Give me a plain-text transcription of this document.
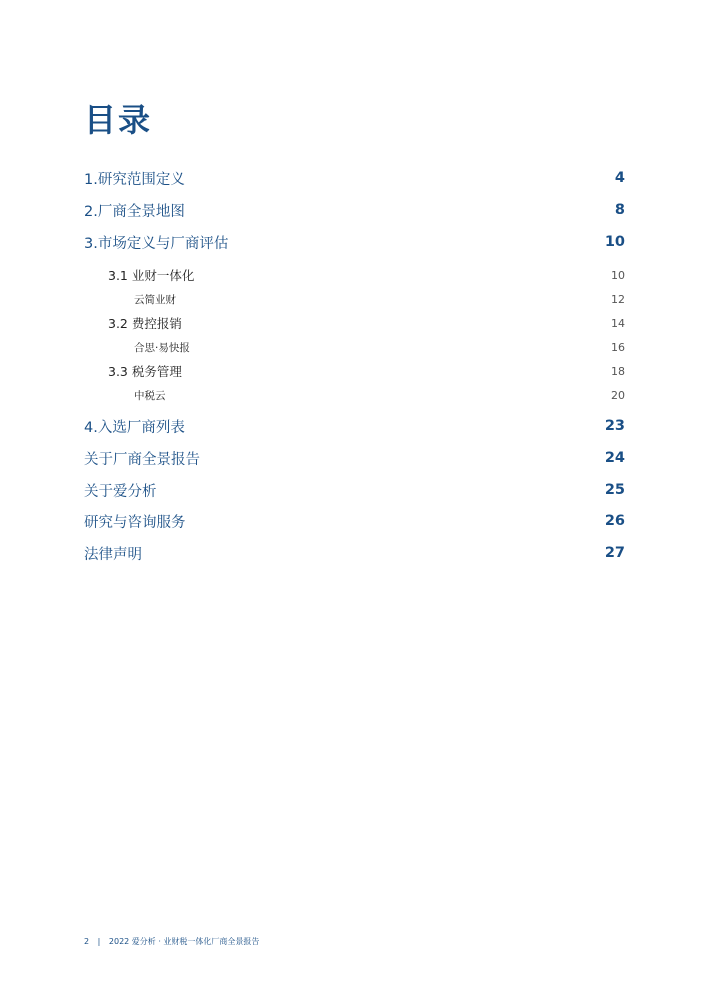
目录
1.研究范围定义	4
2.厂商全景地图	8
3.市场定义与厂商评估	10
3.1 业财一体化	10
云简业财	12
3.2 费控报销	14
合思·易快报	16
3.3 税务管理	18
中税云	20
4.入选厂商列表	23
关于厂商全景报告	24
关于爱分析	25
研究与咨询服务	26
法律声明	27
2 | 2022 爱分析 · 业财税一体化厂商全景报告
